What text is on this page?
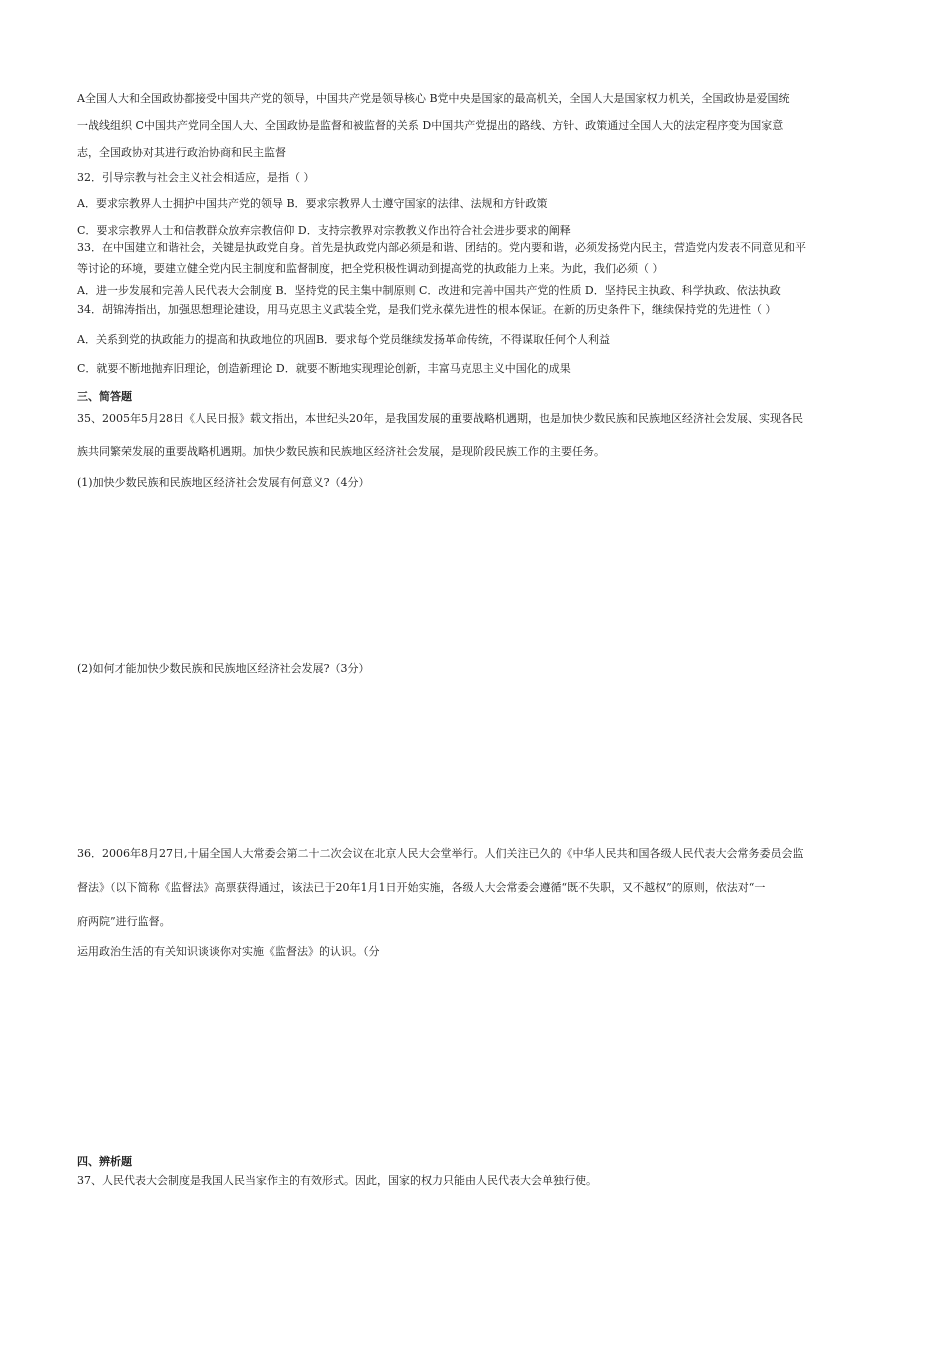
A全国人大和全国政协都接受中国共产党的领导，中国共产党是领导核心 B党中央是国家的最高机关，全国人大是国家权力机关，全国政协是爱国统
一战线组织 C中国共产党同全国人大、全国政协是监督和被监督的关系 D中国共产党提出的路线、方针、政策通过全国人大的法定程序变为国家意
志，全国政协对其进行政治协商和民主监督
32．引导宗教与社会主义社会相适应，是指（ ）
A．要求宗教界人士拥护中国共产党的领导 B．要求宗教界人士遵守国家的法律、法规和方针政策
C．要求宗教界人士和信教群众放弃宗教信仰 D．支持宗教界对宗教教义作出符合社会进步要求的阐释
33．在中国建立和谐社会，关键是执政党自身。首先是执政党内部必须是和谐、团结的。党内要和谐，必须发扬党内民主，营造党内发表不同意见和平
等讨论的环境，要建立健全党内民主制度和监督制度，把全党积极性调动到提高党的执政能力上来。为此，我们必须（ ）
A．进一步发展和完善人民代表大会制度 B．坚持党的民主集中制原则 C．改进和完善中国共产党的性质 D．坚持民主执政、科学执政、依法执政
34．胡锦涛指出，加强思想理论建设，用马克思主义武装全党，是我们党永葆先进性的根本保证。在新的历史条件下，继续保持党的先进性（ ）
A．关系到党的执政能力的提高和执政地位的巩固B．要求每个党员继续发扬革命传统，不得谋取任何个人利益
C．就要不断地抛弃旧理论，创造新理论 D．就要不断地实现理论创新，丰富马克思主义中国化的成果
三、简答题
35、2005年5月28日《人民日报》载文指出，本世纪头20年，是我国发展的重要战略机遇期，也是加快少数民族和民族地区经济社会发展、实现各民
族共同繁荣发展的重要战略机遇期。加快少数民族和民族地区经济社会发展，是现阶段民族工作的主要任务。
(1)加快少数民族和民族地区经济社会发展有何意义?（4分）
(2)如何才能加快少数民族和民族地区经济社会发展?（3分）
36．2006年8月27日,十届全国人大常委会第二十二次会议在北京人民大会堂举行。人们关注已久的《中华人民共和国各级人民代表大会常务委员会监
督法》（以下简称《监督法》高票获得通过，该法已于20年1月1日开始实施，各级人大会常委会遵循“既不失职，又不越权”的原则，依法对“一
府两院”进行监督。
运用政治生活的有关知识谈谈你对实施《监督法》的认识。（分
四、辨析题
37、人民代表大会制度是我国人民当家作主的有效形式。因此，国家的权力只能由人民代表大会单独行使。
